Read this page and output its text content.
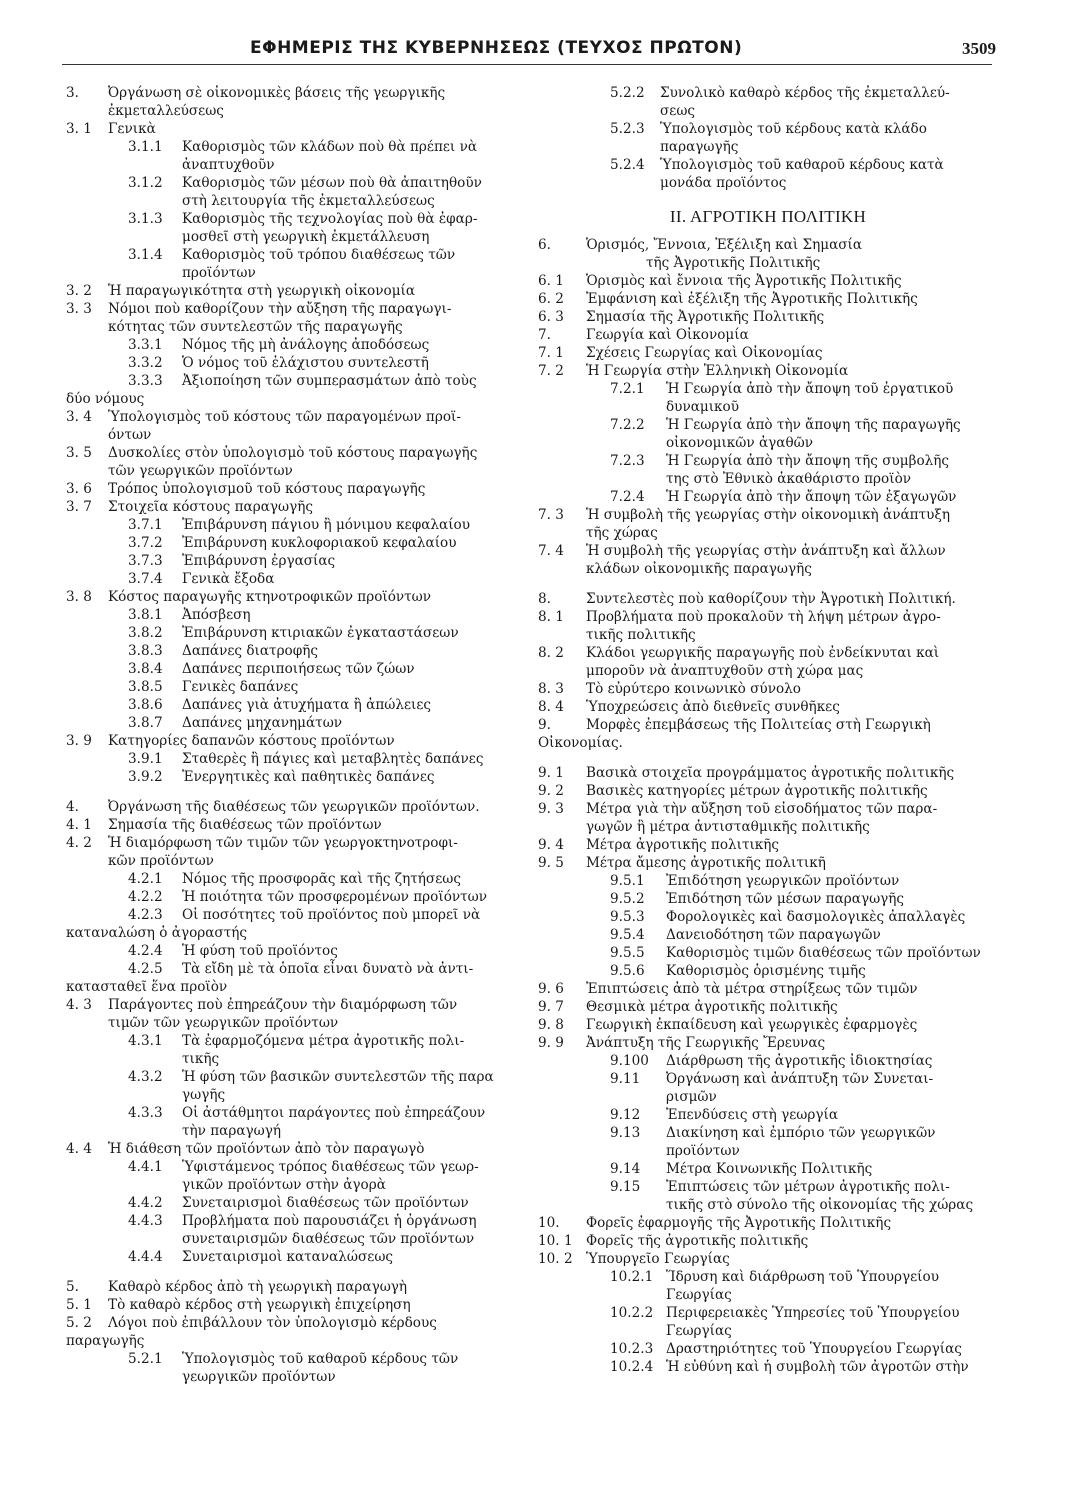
ΕΦΗΜΕΡΙΣ ΤΗΣ ΚΥΒΕΡΝΗΣΕΩΣ (ΤΕΥΧΟΣ ΠΡΩΤΟΝ)	3509
3. Ὀργάνωση σὲ οἰκονομικὲς βάσεις τῆς γεωργικῆς
ἐκμεταλλεύσεως
3. 1 Γενικὰ
3.1.1 Καθορισμὸς τῶν κλάδων ποὺ θὰ πρέπει νὰ
ἀναπτυχθοῦν
3.1.2 Καθορισμὸς τῶν μέσων ποὺ θὰ ἀπαιτηθοῦν
στὴ λειτουργία τῆς ἐκμεταλλεύσεως
3.1.3 Καθορισμὸς τῆς τεχνολογίας ποὺ θὰ ἐφαρ-
μοσθεῖ στὴ γεωργικὴ ἐκμετάλλευση
3.1.4 Καθορισμὸς τοῦ τρόπου διαθέσεως τῶν
προϊόντων
3. 2 Ἡ παραγωγικότητα στὴ γεωργικὴ οἰκονομία
3. 3 Νόμοι ποὺ καθορίζουν τὴν αὔξηση τῆς παραγωγι-
κότητας τῶν συντελεστῶν τῆς παραγωγῆς
3.3.1 Νόμος τῆς μὴ ἀνάλογης ἀποδόσεως
3.3.2 Ὁ νόμος τοῦ ἐλάχιστου συντελεστῆ
3.3.3 Ἀξιοποίηση τῶν συμπερασμάτων ἀπὸ τοὺς
δύο νόμους
3. 4 Ὑπολογισμὸς τοῦ κόστους τῶν παραγομένων προϊ-
όντων
3. 5 Δυσκολίες στὸν ὑπολογισμὸ τοῦ κόστους παραγωγῆς
τῶν γεωργικῶν προϊόντων
3. 6 Τρόπος ὑπολογισμοῦ τοῦ κόστους παραγωγῆς
3. 7 Στοιχεῖα κόστους παραγωγῆς
3.7.1 Ἐπιβάρυνση πάγιου ἢ μόνιμου κεφαλαίου
3.7.2 Ἐπιβάρυνση κυκλοφοριακοῦ κεφαλαίου
3.7.3 Ἐπιβάρυνση ἐργασίας
3.7.4 Γενικὰ ἔξοδα
3. 8 Κόστος παραγωγῆς κτηνοτροφικῶν προϊόντων
3.8.1 Ἀπόσβεση
3.8.2 Ἐπιβάρυνση κτιριακῶν ἐγκαταστάσεων
3.8.3 Δαπάνες διατροφῆς
3.8.4 Δαπάνες περιποιήσεως τῶν ζώων
3.8.5 Γενικὲς δαπάνες
3.8.6 Δαπάνες γιὰ ἀτυχήματα ἢ ἀπώλειες
3.8.7 Δαπάνες μηχανημάτων
3. 9 Κατηγορίες δαπανῶν κόστους προϊόντων
3.9.1 Σταθερὲς ἢ πάγιες καὶ μεταβλητὲς δαπάνες
3.9.2 Ἐνεργητικὲς καὶ παθητικὲς δαπάνες
4. Ὀργάνωση τῆς διαθέσεως τῶν γεωργικῶν προϊόντων.
4. 1 Σημασία τῆς διαθέσεως τῶν προϊόντων
4. 2 Ἡ διαμόρφωση τῶν τιμῶν τῶν γεωργοκτηνοτροφι-
κῶν προϊόντων
4.2.1 Νόμος τῆς προσφορᾶς καὶ τῆς ζητήσεως
4.2.2 Ἡ ποιότητα τῶν προσφερομένων προϊόντων
4.2.3 Οἱ ποσότητες τοῦ προϊόντος ποὺ μπορεῖ νὰ
καταναλώση ὁ ἀγοραστής
4.2.4 Ἡ φύση τοῦ προϊόντος
4.2.5 Τὰ εἴδη μὲ τὰ ὁποῖα εἶναι δυνατὸ νὰ ἀντι-
κατασταθεῖ ἕνα προϊὸν
4. 3 Παράγοντες ποὺ ἐπηρεάζουν τὴν διαμόρφωση τῶν
τιμῶν τῶν γεωργικῶν προϊόντων
4.3.1 Τὰ ἐφαρμοζόμενα μέτρα ἀγροτικῆς πολι-
τικῆς
4.3.2 Ἡ φύση τῶν βασικῶν συντελεστῶν τῆς παρα
γωγῆς
4.3.3 Οἱ ἀστάθμητοι παράγοντες ποὺ ἐπηρεάζουν
τὴν παραγωγή
4. 4 Ἡ διάθεση τῶν προϊόντων ἀπὸ τὸν παραγωγὸ
4.4.1 Ὑφιστάμενος τρόπος διαθέσεως τῶν γεωρ-
γικῶν προϊόντων στὴν ἀγορὰ
4.4.2 Συνεταιρισμοὶ διαθέσεως τῶν προϊόντων
4.4.3 Προβλήματα ποὺ παρουσιάζει ἡ ὀργάνωση
συνεταιρισμῶν διαθέσεως τῶν προϊόντων
4.4.4 Συνεταιρισμοὶ καταναλώσεως
5. Καθαρὸ κέρδος ἀπὸ τὴ γεωργικὴ παραγωγὴ
5. 1 Τὸ καθαρὸ κέρδος στὴ γεωργικὴ ἐπιχείρηση
5. 2 Λόγοι ποὺ ἐπιβάλλουν τὸν ὑπολογισμὸ κέρδους
παραγωγῆς
5.2.1 Ὑπολογισμὸς τοῦ καθαροῦ κέρδους τῶν
γεωργικῶν προϊόντων
5.2.2 Συνολικὸ καθαρὸ κέρδος τῆς ἐκμεταλλεύ-
σεως
5.2.3 Ὑπολογισμὸς τοῦ κέρδους κατὰ κλάδο
παραγωγῆς
5.2.4 Ὑπολογισμὸς τοῦ καθαροῦ κέρδους κατὰ
μονάδα προϊόντος
ΙΙ. ΑΓΡΟΤΙΚΗ ΠΟΛΙΤΙΚΗ
6.	Ὁρισμός, Ἔννοια, Ἐξέλιξη καὶ Σημασία
τῆς Ἀγροτικῆς Πολιτικῆς
6. 1 Ὁρισμὸς καὶ ἔννοια τῆς Ἀγροτικῆς Πολιτικῆς
6. 2 Ἐμφάνιση καὶ ἐξέλιξη τῆς Ἀγροτικῆς Πολιτικῆς
6. 3 Σημασία τῆς Ἀγροτικῆς Πολιτικῆς
7.	Γεωργία καὶ Οἰκονομία
7. 1 Σχέσεις Γεωργίας καὶ Οἰκονομίας
7. 2 Ἡ Γεωργία στὴν Ἑλληνικὴ Οἰκονομία
7.2.1 Ἡ Γεωργία ἀπὸ τὴν ἄποψη τοῦ ἐργατικοῦ
δυναμικοῦ
7.2.2 Ἡ Γεωργία ἀπὸ τὴν ἄποψη τῆς παραγωγῆς
οἰκονομικῶν ἀγαθῶν
7.2.3 Ἡ Γεωργία ἀπὸ τὴν ἄποψη τῆς συμβολῆς
της στὸ Ἐθνικὸ ἀκαθάριστο προϊὸν
7.2.4 Ἡ Γεωργία ἀπὸ τὴν ἄποψη τῶν ἐξαγωγῶν
7. 3 Ἡ συμβολὴ τῆς γεωργίας στὴν οἰκονομικὴ ἀνάπτυξη
τῆς χώρας
7. 4 Ἡ συμβολὴ τῆς γεωργίας στὴν ἀνάπτυξη καὶ ἄλλων
κλάδων οἰκονομικῆς παραγωγῆς
8.	Συντελεστὲς ποὺ καθορίζουν τὴν Ἀγροτικὴ Πολιτική.
8. 1 Προβλήματα ποὺ προκαλοῦν τὴ λήψη μέτρων ἀγρο-
τικῆς πολιτικῆς
8. 2 Κλάδοι γεωργικῆς παραγωγῆς ποὺ ἐνδείκνυται καὶ
μποροῦν νὰ ἀναπτυχθοῦν στὴ χώρα μας
8. 3 Τὸ εὐρύτερο κοινωνικὸ σύνολο
8. 4 Ὑποχρεώσεις ἀπὸ διεθνεῖς συνθῆκες
9.	Μορφὲς ἐπεμβάσεως τῆς Πολιτείας στὴ Γεωργικὴ
Οἰκονομίας.
9. 1 Βασικὰ στοιχεῖα προγράμματος ἀγροτικῆς πολιτικῆς
9. 2 Βασικὲς κατηγορίες μέτρων ἀγροτικῆς πολιτικῆς
9. 3 Μέτρα γιὰ τὴν αὔξηση τοῦ εἰσοδήματος τῶν παρα-
γωγῶν ἢ μέτρα ἀντισταθμικῆς πολιτικῆς
9. 4 Μέτρα ἀγροτικῆς πολιτικῆς
9. 5 Μέτρα ἄμεσης ἀγροτικῆς πολιτικῆ
9.5.1 Ἐπιδότηση γεωργικῶν προϊόντων
9.5.2 Ἐπιδότηση τῶν μέσων παραγωγῆς
9.5.3 Φορολογικὲς καὶ δασμολογικὲς ἀπαλλαγὲς
9.5.4 Δανειοδότηση τῶν παραγωγῶν
9.5.5 Καθορισμὸς τιμῶν διαθέσεως τῶν προϊόντων
9.5.6 Καθορισμὸς ὁρισμένης τιμῆς
9. 6 Ἐπιπτώσεις ἀπὸ τὰ μέτρα στηρίξεως τῶν τιμῶν
9. 7 Θεσμικὰ μέτρα ἀγροτικῆς πολιτικῆς
9. 8 Γεωργικὴ ἐκπαίδευση καὶ γεωργικὲς ἐφαρμογὲς
9. 9 Ἀνάπτυξη τῆς Γεωργικῆς Ἔρευνας
9.100 Διάρθρωση τῆς ἀγροτικῆς ἰδιοκτησίας
9.11 Ὀργάνωση καὶ ἀνάπτυξη τῶν Συνεται-
ρισμῶν
9.12 Ἐπενδύσεις στὴ γεωργία
9.13 Διακίνηση καὶ ἐμπόριο τῶν γεωργικῶν
προϊόντων
9.14 Μέτρα Κοινωνικῆς Πολιτικῆς
9.15 Ἐπιπτώσεις τῶν μέτρων ἀγροτικῆς πολι-
τικῆς στὸ σύνολο τῆς οἰκονομίας τῆς χώρας
10. Φορεῖς ἐφαρμογῆς τῆς Ἀγροτικῆς Πολιτικῆς
10. 1 Φορεῖς τῆς ἀγροτικῆς πολιτικῆς
10. 2 Ὑπουργεῖο Γεωργίας
10.2.1 Ἵδρυση καὶ διάρθρωση τοῦ Ὑπουργείου
Γεωργίας
10.2.2 Περιφερειακὲς Ὑπηρεσίες τοῦ Ὑπουργείου
Γεωργίας
10.2.3 Δραστηριότητες τοῦ Ὑπουργείου Γεωργίας
10.2.4 Ἡ εὐθύνη καὶ ἡ συμβολὴ τῶν ἀγροτῶν στὴν
